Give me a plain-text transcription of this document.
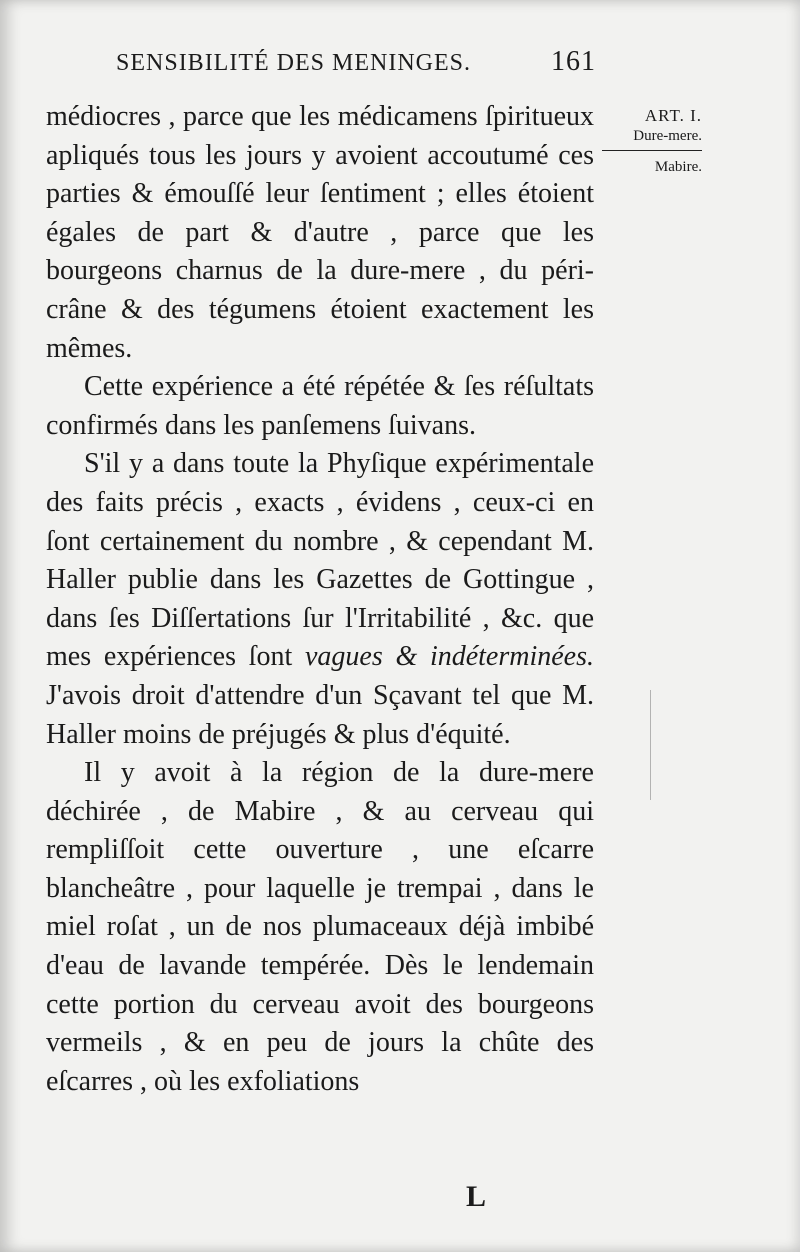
SENSIBILITÉ DES MENINGES.	161
ART. I.
Dure-mere.
Mabire.

médiocres , parce que les médicamens ſpiritueux apliqués tous les jours y avoient accoutumé ces parties & émouſſé leur ſentiment ; elles étoient égales de part & d'autre , parce que les bourgeons charnus de la dure-mere , du péri-crâne & des tégumens étoient exactement les mêmes.

Cette expérience a été répétée & ſes réſultats confirmés dans les panſemens ſuivans.

S'il y a dans toute la Phyſique expérimentale des faits précis , exacts , évidens , ceux-ci en ſont certainement du nombre , & cependant M. Haller publie dans les Gazettes de Gottingue , dans ſes Diſſertations ſur l'Irritabilité , &c. que mes expériences ſont vagues & indéterminées. J'avois droit d'attendre d'un Sçavant tel que M. Haller moins de préjugés & plus d'équité.

Il y avoit à la région de la dure-mere déchirée , de Mabire , & au cerveau qui rempliſſoit cette ouverture , une eſcarre blancheâtre , pour laquelle je trempai , dans le miel roſat , un de nos plumaceaux déjà imbibé d'eau de lavande tempérée. Dès le lendemain cette portion du cerveau avoit des bourgeons vermeils , & en peu de jours la chûte des eſcarres , où les exfoliations

L
